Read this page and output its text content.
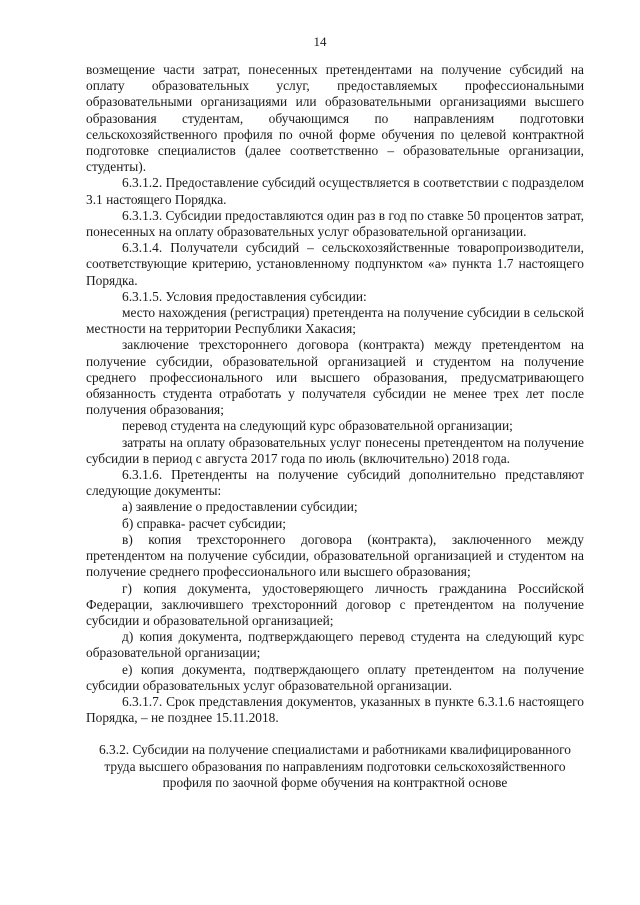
14

возмещение части затрат, понесенных претендентами на получение субсидий на оплату образовательных услуг, предоставляемых профессиональными образовательными организациями или образовательными организациями высшего образования студентам, обучающимся по направлениям подготовки сельскохозяйственного профиля по очной форме обучения по целевой контрактной подготовке специалистов (далее соответственно – образовательные организации, студенты).

6.3.1.2. Предоставление субсидий осуществляется в соответствии с подразделом 3.1 настоящего Порядка.

6.3.1.3. Субсидии предоставляются один раз в год по ставке 50 процентов затрат, понесенных на оплату образовательных услуг образовательной организации.

6.3.1.4. Получатели субсидий – сельскохозяйственные товаропроизводители, соответствующие критерию, установленному подпунктом «а» пункта 1.7 настоящего Порядка.

6.3.1.5. Условия предоставления субсидии:

место нахождения (регистрация) претендента на получение субсидии в сельской местности на территории Республики Хакасия;

заключение трехстороннего договора (контракта) между претендентом на получение субсидии, образовательной организацией и студентом на получение среднего профессионального или высшего образования, предусматривающего обязанность студента отработать у получателя субсидии не менее трех лет после получения образования;

перевод студента на следующий курс образовательной организации;

затраты на оплату образовательных услуг понесены претендентом на получение субсидии в период с августа 2017 года по июль (включительно) 2018 года.

6.3.1.6. Претенденты на получение субсидий дополнительно представляют следующие документы:

а) заявление о предоставлении субсидии;

б) справка- расчет субсидии;

в) копия трехстороннего договора (контракта), заключенного между претендентом на получение субсидии, образовательной организацией и студентом на получение среднего профессионального или высшего образования;

г) копия документа, удостоверяющего личность гражданина Российской Федерации, заключившего трехсторонний договор с претендентом на получение субсидии и образовательной организацией;

д) копия документа, подтверждающего перевод студента на следующий курс образовательной организации;

е) копия документа, подтверждающего оплату претендентом на получение субсидии образовательных услуг образовательной организации.

6.3.1.7. Срок представления документов, указанных в пункте 6.3.1.6 настоящего Порядка, – не позднее 15.11.2018.

6.3.2. Субсидии на получение специалистами и работниками квалифицированного труда высшего образования по направлениям подготовки сельскохозяйственного профиля по заочной форме обучения на контрактной основе
